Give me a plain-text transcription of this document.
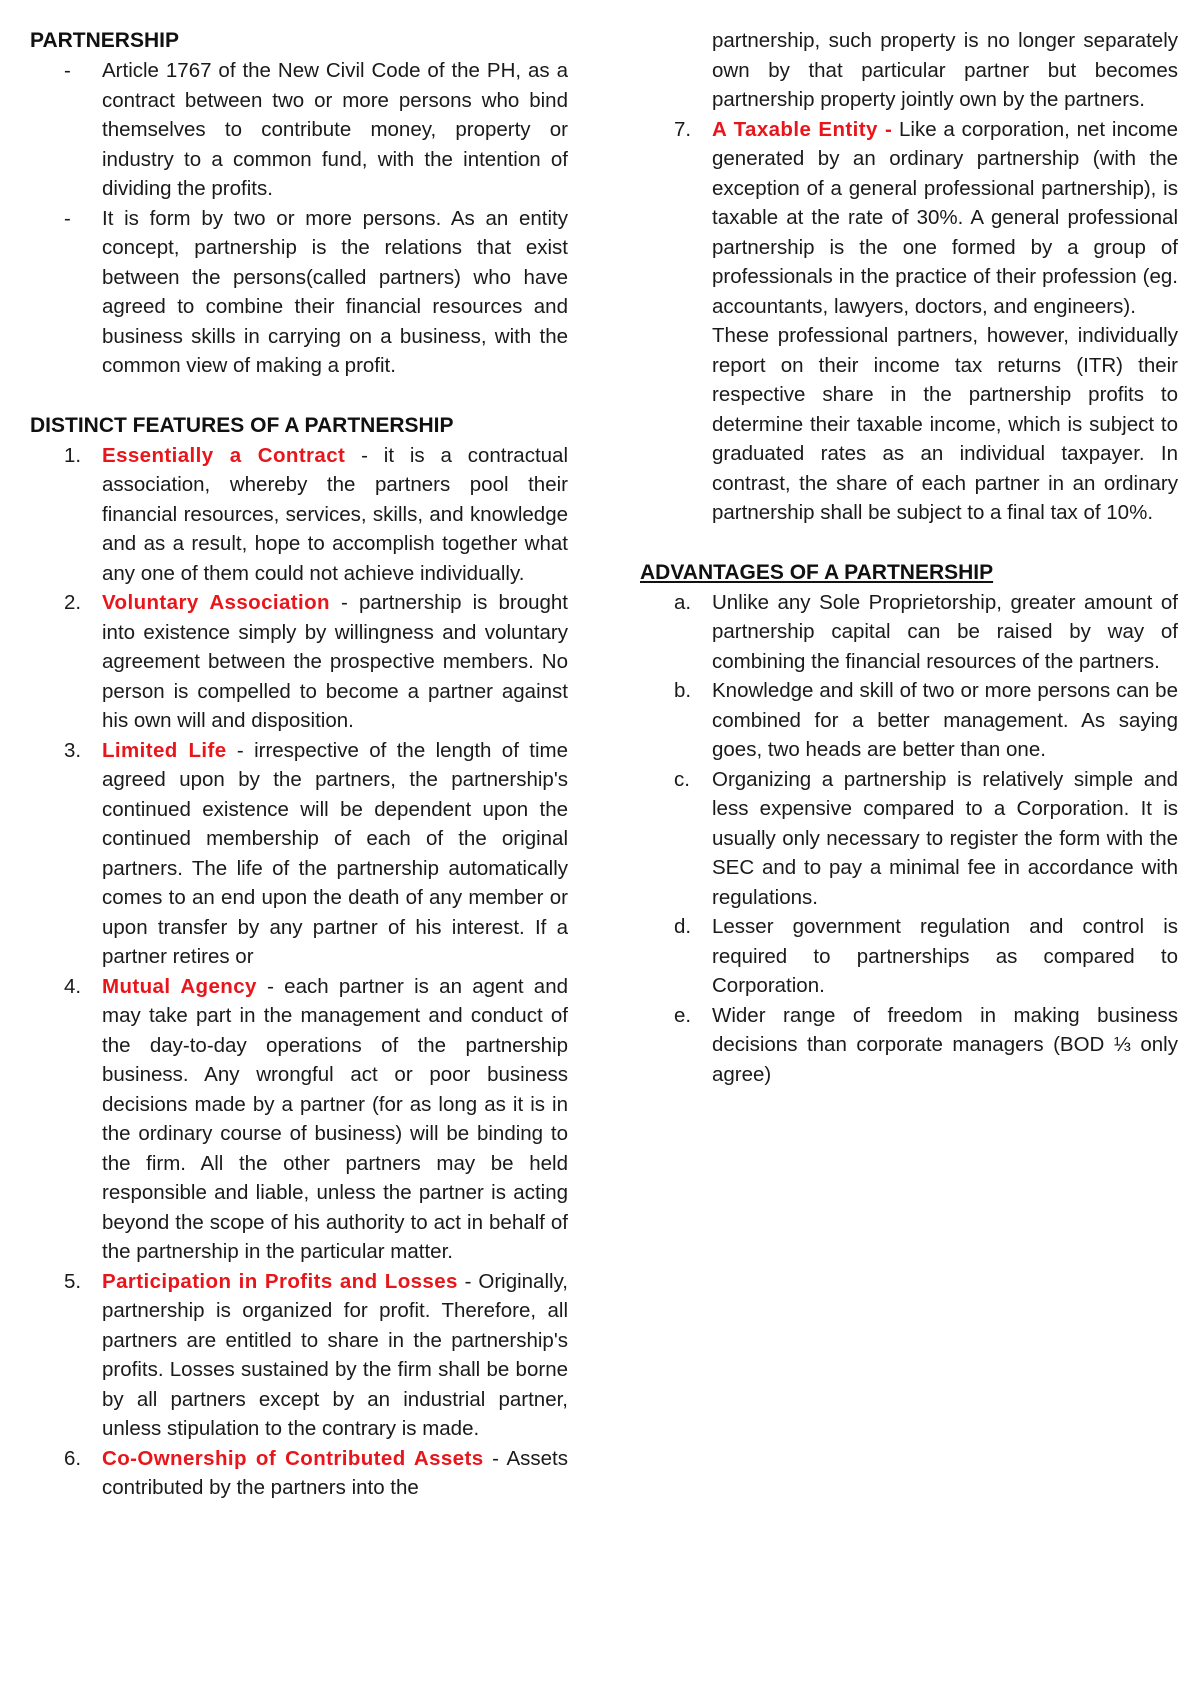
PARTNERSHIP
- Article 1767 of the New Civil Code of the PH, as a contract between two or more persons who bind themselves to contribute money, property or industry to a common fund, with the intention of dividing the profits.
- It is form by two or more persons. As an entity concept, partnership is the relations that exist between the persons(called partners) who have agreed to combine their financial resources and business skills in carrying on a business, with the common view of making a profit.
DISTINCT FEATURES OF A PARTNERSHIP
1. Essentially a Contract - it is a contractual association, whereby the partners pool their financial resources, services, skills, and knowledge and as a result, hope to accomplish together what any one of them could not achieve individually.
2. Voluntary Association - partnership is brought into existence simply by willingness and voluntary agreement between the prospective members. No person is compelled to become a partner against his own will and disposition.
3. Limited Life - irrespective of the length of time agreed upon by the partners, the partnership's continued existence will be dependent upon the continued membership of each of the original partners. The life of the partnership automatically comes to an end upon the death of any member or upon transfer by any partner of his interest. If a partner retires or
4. Mutual Agency - each partner is an agent and may take part in the management and conduct of the day-to-day operations of the partnership business. Any wrongful act or poor business decisions made by a partner (for as long as it is in the ordinary course of business) will be binding to the firm. All the other partners may be held responsible and liable, unless the partner is acting beyond the scope of his authority to act in behalf of the partnership in the particular matter.
5. Participation in Profits and Losses - Originally, partnership is organized for profit. Therefore, all partners are entitled to share in the partnership's profits. Losses sustained by the firm shall be borne by all partners except by an industrial partner, unless stipulation to the contrary is made.
6. Co-Ownership of Contributed Assets - Assets contributed by the partners into the
partnership, such property is no longer separately own by that particular partner but becomes partnership property jointly own by the partners.
7. A Taxable Entity - Like a corporation, net income generated by an ordinary partnership (with the exception of a general professional partnership), is taxable at the rate of 30%. A general professional partnership is the one formed by a group of professionals in the practice of their profession (eg. accountants, lawyers, doctors, and engineers).
These professional partners, however, individually report on their income tax returns (ITR) their respective share in the partnership profits to determine their taxable income, which is subject to graduated rates as an individual taxpayer. In contrast, the share of each partner in an ordinary partnership shall be subject to a final tax of 10%.
ADVANTAGES OF A PARTNERSHIP
a. Unlike any Sole Proprietorship, greater amount of partnership capital can be raised by way of combining the financial resources of the partners.
b. Knowledge and skill of two or more persons can be combined for a better management. As saying goes, two heads are better than one.
c. Organizing a partnership is relatively simple and less expensive compared to a Corporation. It is usually only necessary to register the form with the SEC and to pay a minimal fee in accordance with regulations.
d. Lesser government regulation and control is required to partnerships as compared to Corporation.
e. Wider range of freedom in making business decisions than corporate managers (BOD ⅓ only agree)
